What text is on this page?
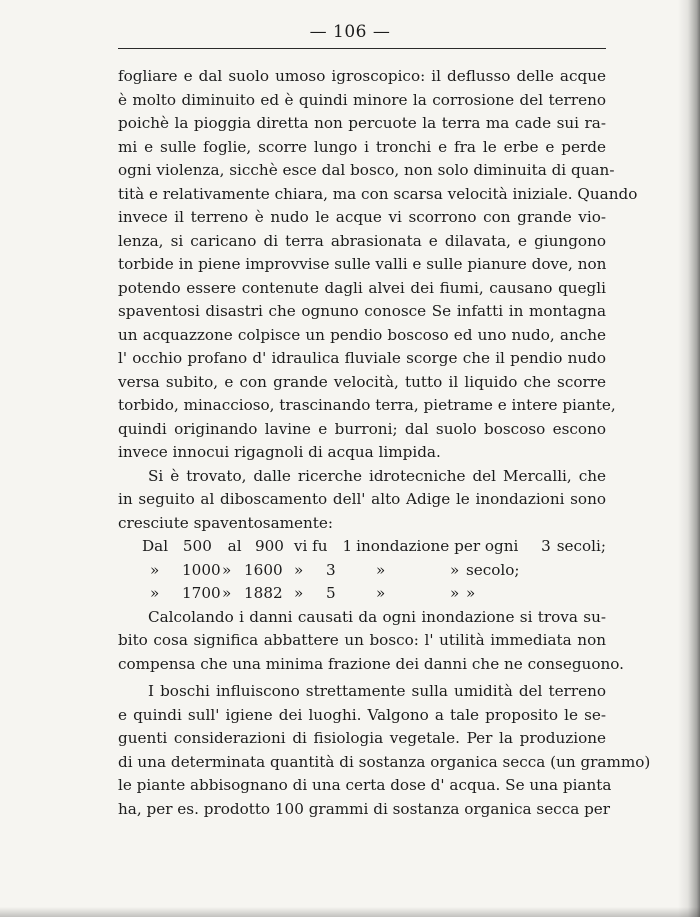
— 106 —
fogliare e dal suolo umoso igroscopico: il deflusso delle acque
è molto diminuito ed è quindi minore la corrosione del terreno
poichè la pioggia diretta non percuote la terra ma cade sui ra-
mi e sulle foglie, scorre lungo i tronchi e fra le erbe e perde
ogni violenza, sicchè esce dal bosco, non solo diminuita di quan-
tità e relativamente chiara, ma con scarsa velocità iniziale. Quando
invece il terreno è nudo le acque vi scorrono con grande vio-
lenza, si caricano di terra abrasionata e dilavata, e giungono
torbide in piene improvvise sulle valli e sulle pianure dove, non
potendo essere contenute dagli alvei dei fiumi, causano quegli
spaventosi disastri che ognuno conosce Se infatti in montagna
un acquazzone colpisce un pendio boscoso ed uno nudo, anche
l' occhio profano d' idraulica fluviale scorge che il pendio nudo
versa subito, e con grande velocità, tutto il liquido che scorre
torbido, minaccioso, trascinando terra, pietrame e intere piante,
quindi originando lavine e burroni; dal suolo boscoso escono
invece innocui rigagnoli di acqua limpida.
Si è trovato, dalle ricerche idrotecniche del Mercalli, che
in seguito al diboscamento dell' alto Adige le inondazioni sono
cresciute spaventosamente:
Dal 500	al 900 vi fu 1 inondazione per ogni	3 secoli;
»	1000 » 1600 »	3	»	» secolo;
»	1700 » 1882 »	5	»	» »
Calcolando i danni causati da ogni inondazione si trova su-
bito cosa significa abbattere un bosco: l' utilità immediata non
compensa che una minima frazione dei danni che ne conseguono.
I boschi influiscono strettamente sulla umidità del terreno
e quindi sull' igiene dei luoghi. Valgono a tale proposito le se-
guenti considerazioni di fisiologia vegetale. Per la produzione
di una determinata quantità di sostanza organica secca (un grammo)
le piante abbisognano di una certa dose d' acqua. Se una pianta
ha, per es. prodotto 100 grammi di sostanza organica secca per
